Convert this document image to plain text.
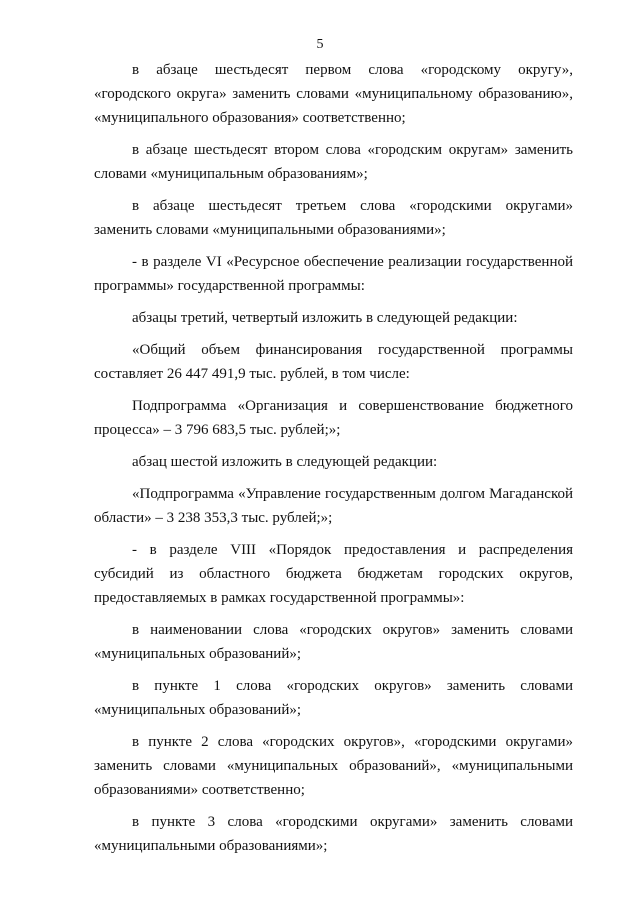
5

в абзаце шестьдесят первом слова «городскому округу», «городского округа» заменить словами «муниципальному образованию», «муниципального образования» соответственно;

в абзаце шестьдесят втором слова «городским округам» заменить словами «муниципальным образованиям»;

в абзаце шестьдесят третьем слова «городскими округами» заменить словами «муниципальными образованиями»;

- в разделе VI «Ресурсное обеспечение реализации государственной программы» государственной программы:

абзацы третий, четвертый изложить в следующей редакции:

«Общий объем финансирования государственной программы составляет 26 447 491,9 тыс. рублей, в том числе:

Подпрограмма «Организация и совершенствование бюджетного процесса» – 3 796 683,5 тыс. рублей;»;

абзац шестой изложить в следующей редакции:

«Подпрограмма «Управление государственным долгом Магаданской области» – 3 238 353,3 тыс. рублей;»;

- в разделе VIII «Порядок предоставления и распределения субсидий из областного бюджета бюджетам городских округов, предоставляемых в рамках государственной программы»:

в наименовании слова «городских округов» заменить словами «муниципальных образований»;

в пункте 1 слова «городских округов» заменить словами «муниципальных образований»;

в пункте 2 слова «городских округов», «городскими округами» заменить словами «муниципальных образований», «муниципальными образованиями» соответственно;

в пункте 3 слова «городскими округами» заменить словами «муниципальными образованиями»;
